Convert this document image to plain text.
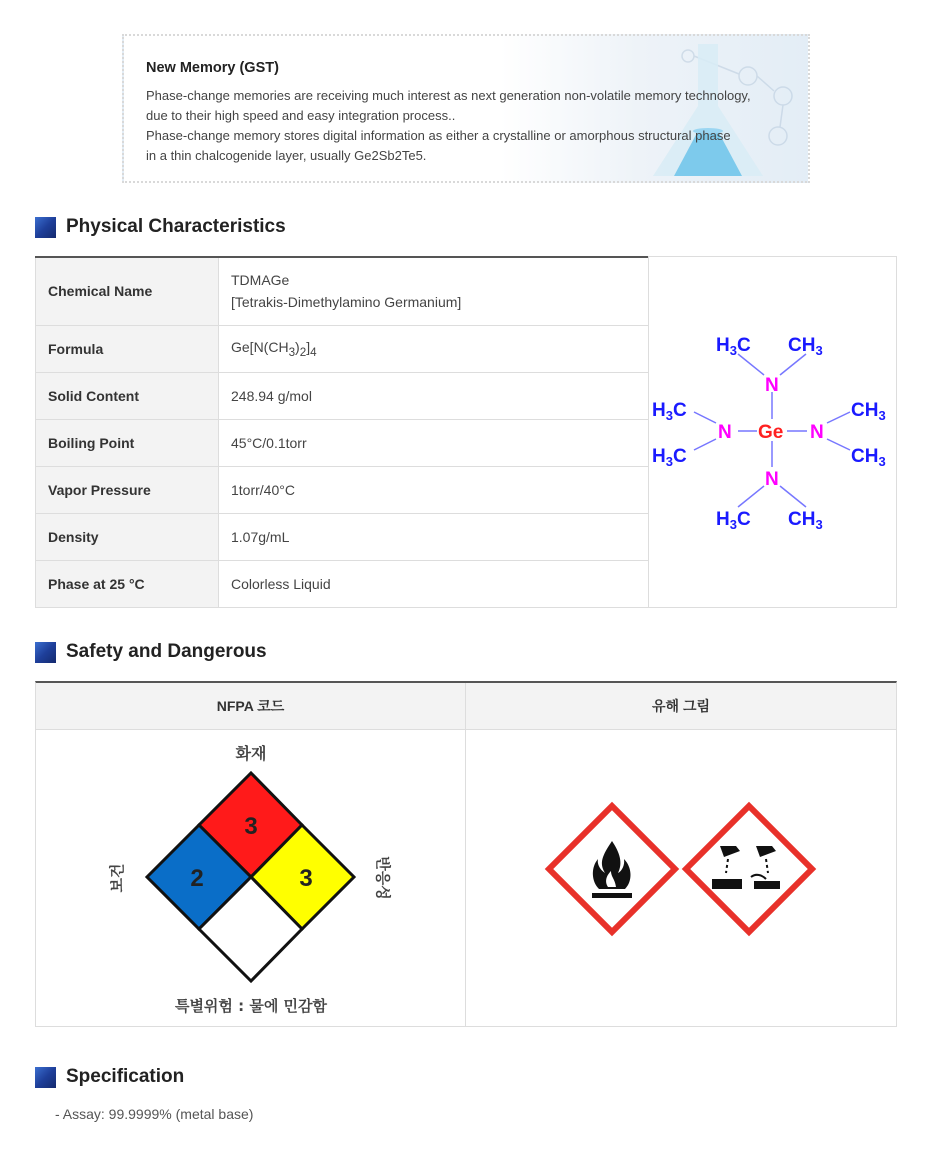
New Memory (GST)

Phase-change memories are receiving much interest as next generation non-volatile memory technology,

due to their high speed and easy integration process..

Phase-change memory stores digital information as either a crystalline or amorphous structural phase

in a thin chalcogenide layer, usually Ge2Sb2Te5.

Physical Characteristics
Chemical Name	TDMAGe
[Tetrakis-Dimethylamino Germanium]
Formula	$Ge[N(CH_3)_2]_4$
Solid Content	248.94 g/mol
Boiling Point	45°C/0.1torr
Vapor Pressure	1torr/40°C
Density	1.07g/mL
Phase at 25 °C	Colorless Liquid
$H_3C$ $CH_3$
$H_3C$
$H_3C$
$CH_3$
$CH_3$
$H_3C$ $CH_3$
N
N	N
N
Ge
Safety and Dangerous
NFPA 코드	유해 그림
화재
3
2	3
보건	반응성
특별위험 : 물에 민감함
Specification
- Assay: 99.9999% (metal base)
